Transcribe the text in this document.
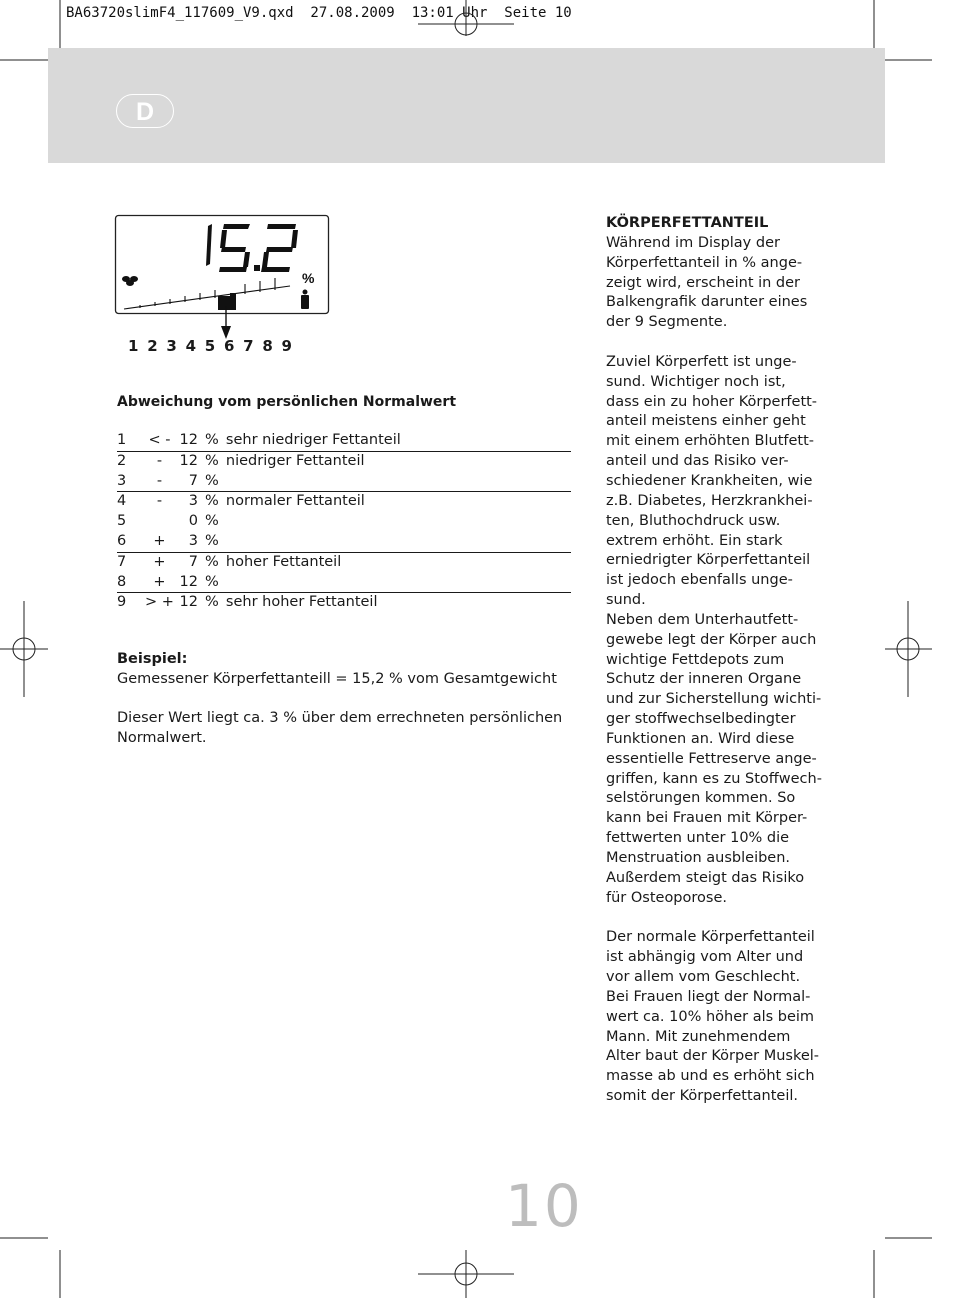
BA63720slimF4_117609_V9.qxd  27.08.2009  13:01 Uhr  Seite 10
D
%
1 2 3 4 5 6 7 8 9
Abweichung vom persönlichen Normalwert
1	< -	12	%	sehr niedriger Fettanteil
2	-	12	%	niedriger Fettanteil
3	-	7	%	
4	-	3	%	normaler Fettanteil
5		0	%	
6	+	3	%	
7	+	7	%	hoher Fettanteil
8	+	12	%	
9	> +	12	%	sehr hoher Fettanteil
Beispiel:
Gemessener Körperfettanteill = 15,2 % vom Gesamtgewicht
Dieser Wert liegt ca. 3 % über dem errechneten persönlichen
Normalwert.

KÖRPERFETTANTEIL

Während im Display der

Körperfettanteil in % ange-

zeigt wird, erscheint in der

Balkengrafik darunter eines

der 9 Segmente.

Zuviel Körperfett ist unge-

sund. Wichtiger noch ist,

dass ein zu hoher Körperfett-

anteil meistens einher geht

mit einem erhöhten Blutfett-

anteil und das Risiko ver-

schiedener Krankheiten, wie

z.B. Diabetes, Herzkrankhei-

ten, Bluthochdruck usw.

extrem erhöht. Ein stark

erniedrigter Körperfettanteil

ist jedoch ebenfalls unge-

sund.

Neben dem Unterhautfett-

gewebe legt der Körper auch

wichtige Fettdepots zum

Schutz der inneren Organe

und zur Sicherstellung wichti-

ger stoffwechselbedingter

Funktionen an. Wird diese

essentielle Fettreserve ange-

griffen, kann es zu Stoffwech-

selstörungen kommen. So

kann bei Frauen mit Körper-

fettwerten unter 10% die

Menstruation ausbleiben.

Außerdem steigt das Risiko

für Osteoporose.

Der normale Körperfettanteil

ist abhängig vom Alter und

vor allem vom Geschlecht.

Bei Frauen liegt der Normal-

wert ca. 10% höher als beim

Mann. Mit zunehmendem

Alter baut der Körper Muskel-

masse ab und es erhöht sich

somit der Körperfettanteil.

10
